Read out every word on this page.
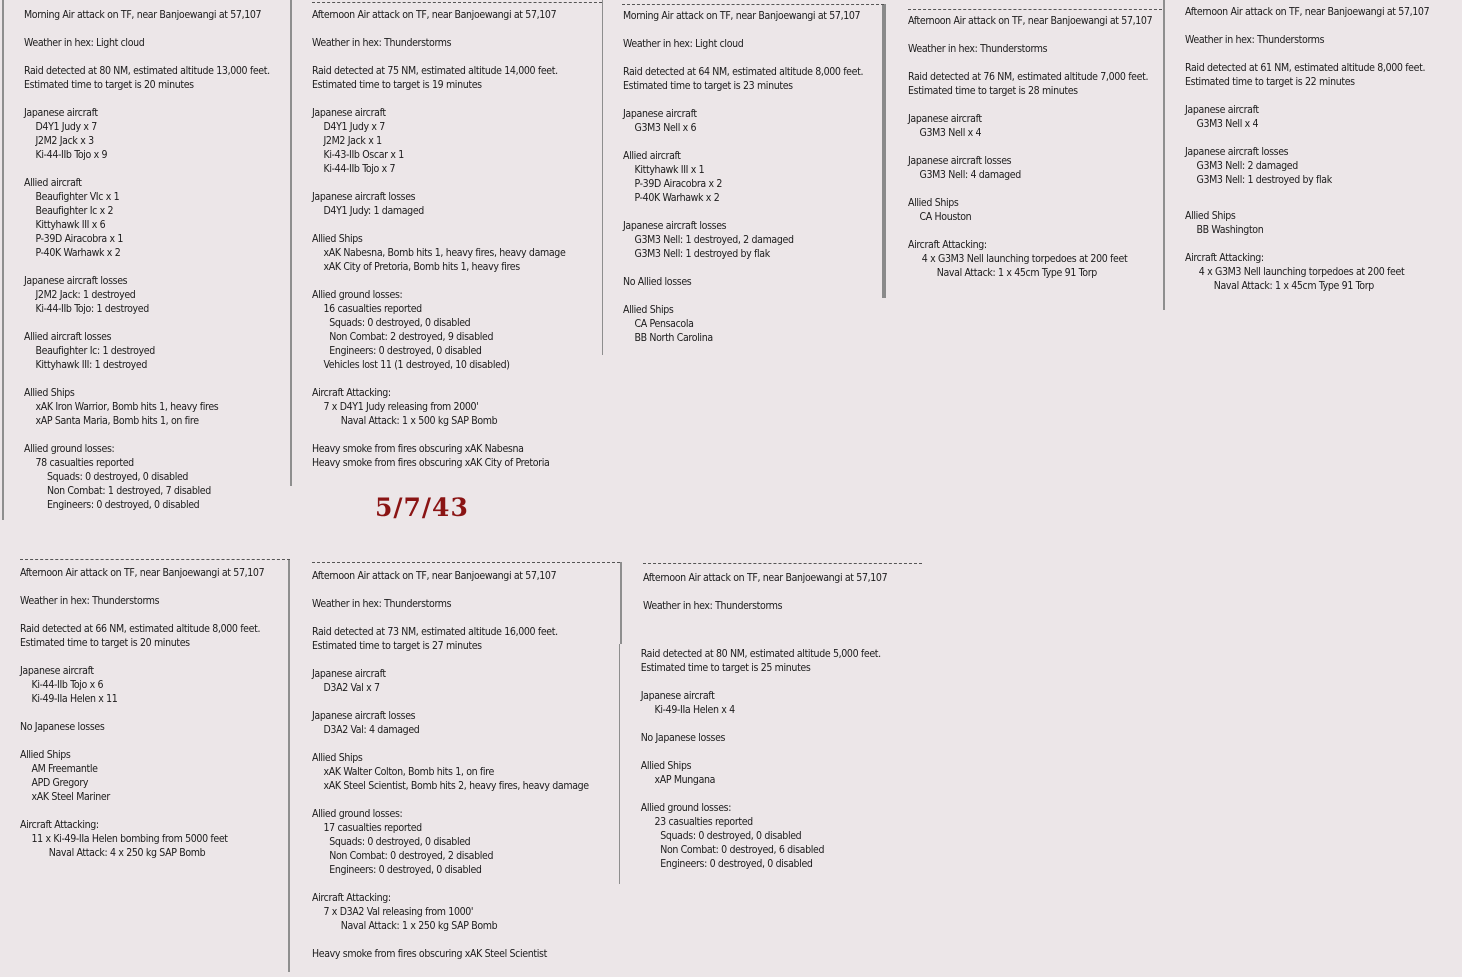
5/7/43
Morning Air attack on TF, near Banjoewangi at 57,107
Weather in hex: Light cloud
Raid detected at 80 NM, estimated altitude 13,000 feet.
Estimated time to target is 20 minutes
Japanese aircraft
D4Y1 Judy x 7
J2M2 Jack x 3
Ki-44-IIb Tojo x 9
Allied aircraft
Beaufighter VIc x 1
Beaufighter Ic x 2
Kittyhawk III x 6
P-39D Airacobra x 1
P-40K Warhawk x 2
Japanese aircraft losses
J2M2 Jack: 1 destroyed
Ki-44-IIb Tojo: 1 destroyed
Allied aircraft losses
Beaufighter Ic: 1 destroyed
Kittyhawk III: 1 destroyed
Allied Ships
xAK Iron Warrior, Bomb hits 1, heavy fires
xAP Santa Maria, Bomb hits 1, on fire
Allied ground losses:
78 casualties reported
Squads: 0 destroyed, 0 disabled
Non Combat: 1 destroyed, 7 disabled
Engineers: 0 destroyed, 0 disabled
Afternoon Air attack on TF, near Banjoewangi at 57,107
Weather in hex: Thunderstorms
Raid detected at 75 NM, estimated altitude 14,000 feet.
Estimated time to target is 19 minutes
Japanese aircraft
D4Y1 Judy x 7
J2M2 Jack x 1
Ki-43-IIb Oscar x 1
Ki-44-IIb Tojo x 7
Japanese aircraft losses
D4Y1 Judy: 1 damaged
Allied Ships
xAK Nabesna, Bomb hits 1, heavy fires, heavy damage
xAK City of Pretoria, Bomb hits 1, heavy fires
Allied ground losses:
16 casualties reported
Squads: 0 destroyed, 0 disabled
Non Combat: 2 destroyed, 9 disabled
Engineers: 0 destroyed, 0 disabled
Vehicles lost 11 (1 destroyed, 10 disabled)
Aircraft Attacking:
7 x D4Y1 Judy releasing from 2000'
Naval Attack: 1 x 500 kg SAP Bomb
Heavy smoke from fires obscuring xAK Nabesna
Heavy smoke from fires obscuring xAK City of Pretoria
Morning Air attack on TF, near Banjoewangi at 57,107
Weather in hex: Light cloud
Raid detected at 64 NM, estimated altitude 8,000 feet.
Estimated time to target is 23 minutes
Japanese aircraft
G3M3 Nell x 6
Allied aircraft
Kittyhawk III x 1
P-39D Airacobra x 2
P-40K Warhawk x 2
Japanese aircraft losses
G3M3 Nell: 1 destroyed, 2 damaged
G3M3 Nell: 1 destroyed by flak
No Allied losses
Allied Ships
CA Pensacola
BB North Carolina
Afternoon Air attack on TF, near Banjoewangi at 57,107
Weather in hex: Thunderstorms
Raid detected at 76 NM, estimated altitude 7,000 feet.
Estimated time to target is 28 minutes
Japanese aircraft
G3M3 Nell x 4
Japanese aircraft losses
G3M3 Nell: 4 damaged
Allied Ships
CA Houston
Aircraft Attacking:
4 x G3M3 Nell launching torpedoes at 200 feet
Naval Attack: 1 x 45cm Type 91 Torp
Afternoon Air attack on TF, near Banjoewangi at 57,107
Weather in hex: Thunderstorms
Raid detected at 61 NM, estimated altitude 8,000 feet.
Estimated time to target is 22 minutes
Japanese aircraft
G3M3 Nell x 4
Japanese aircraft losses
G3M3 Nell: 2 damaged
G3M3 Nell: 1 destroyed by flak
Allied Ships
BB Washington
Aircraft Attacking:
4 x G3M3 Nell launching torpedoes at 200 feet
Naval Attack: 1 x 45cm Type 91 Torp
Afternoon Air attack on TF, near Banjoewangi at 57,107
Weather in hex: Thunderstorms
Raid detected at 66 NM, estimated altitude 8,000 feet.
Estimated time to target is 20 minutes
Japanese aircraft
Ki-44-IIb Tojo x 6
Ki-49-IIa Helen x 11
No Japanese losses
Allied Ships
AM Freemantle
APD Gregory
xAK Steel Mariner
Aircraft Attacking:
11 x Ki-49-IIa Helen bombing from 5000 feet
Naval Attack: 4 x 250 kg SAP Bomb
Afternoon Air attack on TF, near Banjoewangi at 57,107
Weather in hex: Thunderstorms
Raid detected at 73 NM, estimated altitude 16,000 feet.
Estimated time to target is 27 minutes
Japanese aircraft
D3A2 Val x 7
Japanese aircraft losses
D3A2 Val: 4 damaged
Allied Ships
xAK Walter Colton, Bomb hits 1, on fire
xAK Steel Scientist, Bomb hits 2, heavy fires, heavy damage
Allied ground losses:
17 casualties reported
Squads: 0 destroyed, 0 disabled
Non Combat: 0 destroyed, 2 disabled
Engineers: 0 destroyed, 0 disabled
Aircraft Attacking:
7 x D3A2 Val releasing from 1000'
Naval Attack: 1 x 250 kg SAP Bomb
Heavy smoke from fires obscuring xAK Steel Scientist
Afternoon Air attack on TF, near Banjoewangi at 57,107
Weather in hex: Thunderstorms
Raid detected at 80 NM, estimated altitude 5,000 feet.
Estimated time to target is 25 minutes
Japanese aircraft
Ki-49-IIa Helen x 4
No Japanese losses
Allied Ships
xAP Mungana
Allied ground losses:
23 casualties reported
Squads: 0 destroyed, 0 disabled
Non Combat: 0 destroyed, 6 disabled
Engineers: 0 destroyed, 0 disabled
